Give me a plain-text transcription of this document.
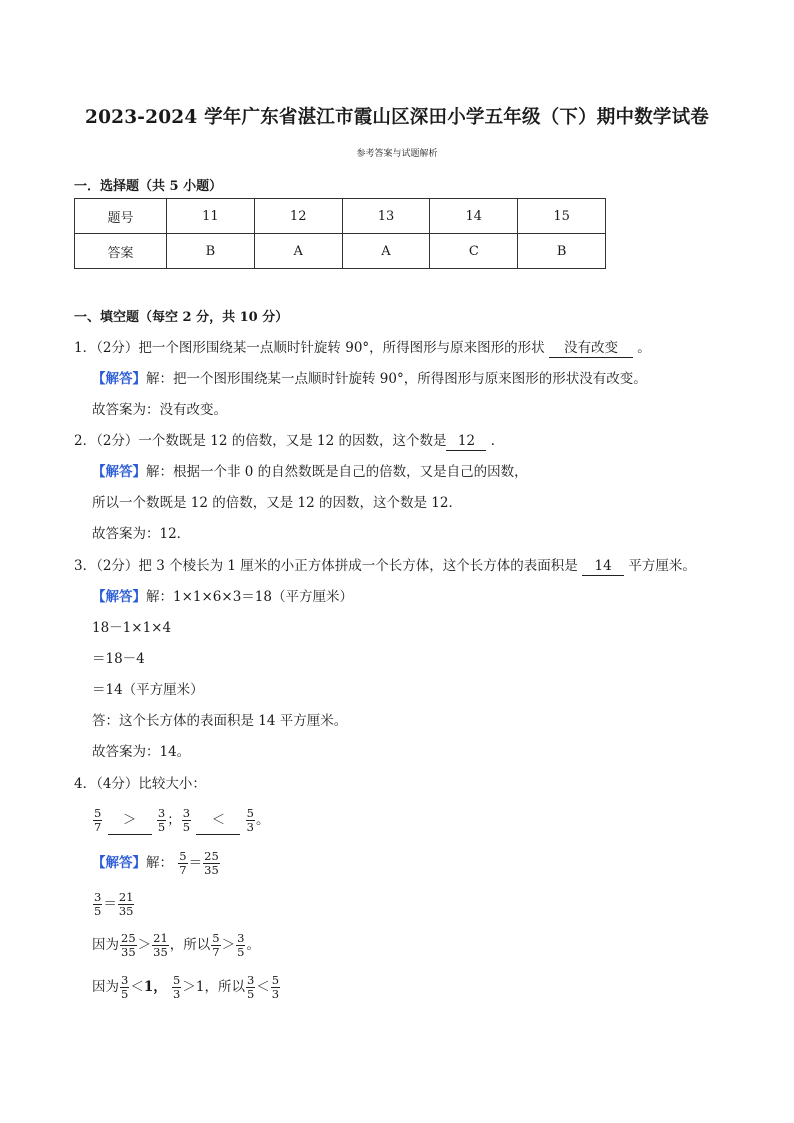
2023-2024 学年广东省湛江市霞山区深田小学五年级（下）期中数学试卷
参考答案与试题解析
一．选择题（共 5 小题）
题号	11	12	13	14	15
答案	B	A	A	C	B
一、填空题（每空 2 分，共 10 分）
1．（2分）把一个图形围绕某一点顺时针旋转 90°，所得图形与原来图形的形状 没有改变 。
【解答】解：把一个图形围绕某一点顺时针旋转 90°，所得图形与原来图形的形状没有改变。
故答案为：没有改变。
2．（2分）一个数既是 12 的倍数，又是 12 的因数，这个数是 12 ．
【解答】解：根据一个非 0 的自然数既是自己的倍数，又是自己的因数，
所以一个数既是 12 的倍数，又是 12 的因数，这个数是 12．
故答案为：12．
3．（2分）把 3 个棱长为 1 厘米的小正方体拼成一个长方体，这个长方体的表面积是 14 平方厘米。
【解答】解：1×1×6×3＝18（平方厘米）
18－1×1×4
＝18－4
＝14（平方厘米）
答：这个长方体的表面积是 14 平方厘米。
故答案为：14。
4．（4分）比较大小：
$\frac{5}{7} > \frac{3}{5}$ ； $\frac{3}{5} < \frac{5}{3}$ 。
【解答】解： $\frac{5}{7} = \frac{25}{35}$
$\frac{3}{5} = \frac{21}{35}$
因为 $\frac{25}{35} > \frac{21}{35}$ ，所以 $\frac{5}{7} > \frac{3}{5}$ 。
因为 $\frac{3}{5} <1$， $\frac{5}{3} >1$，所以 $\frac{3}{5} < \frac{5}{3}$
